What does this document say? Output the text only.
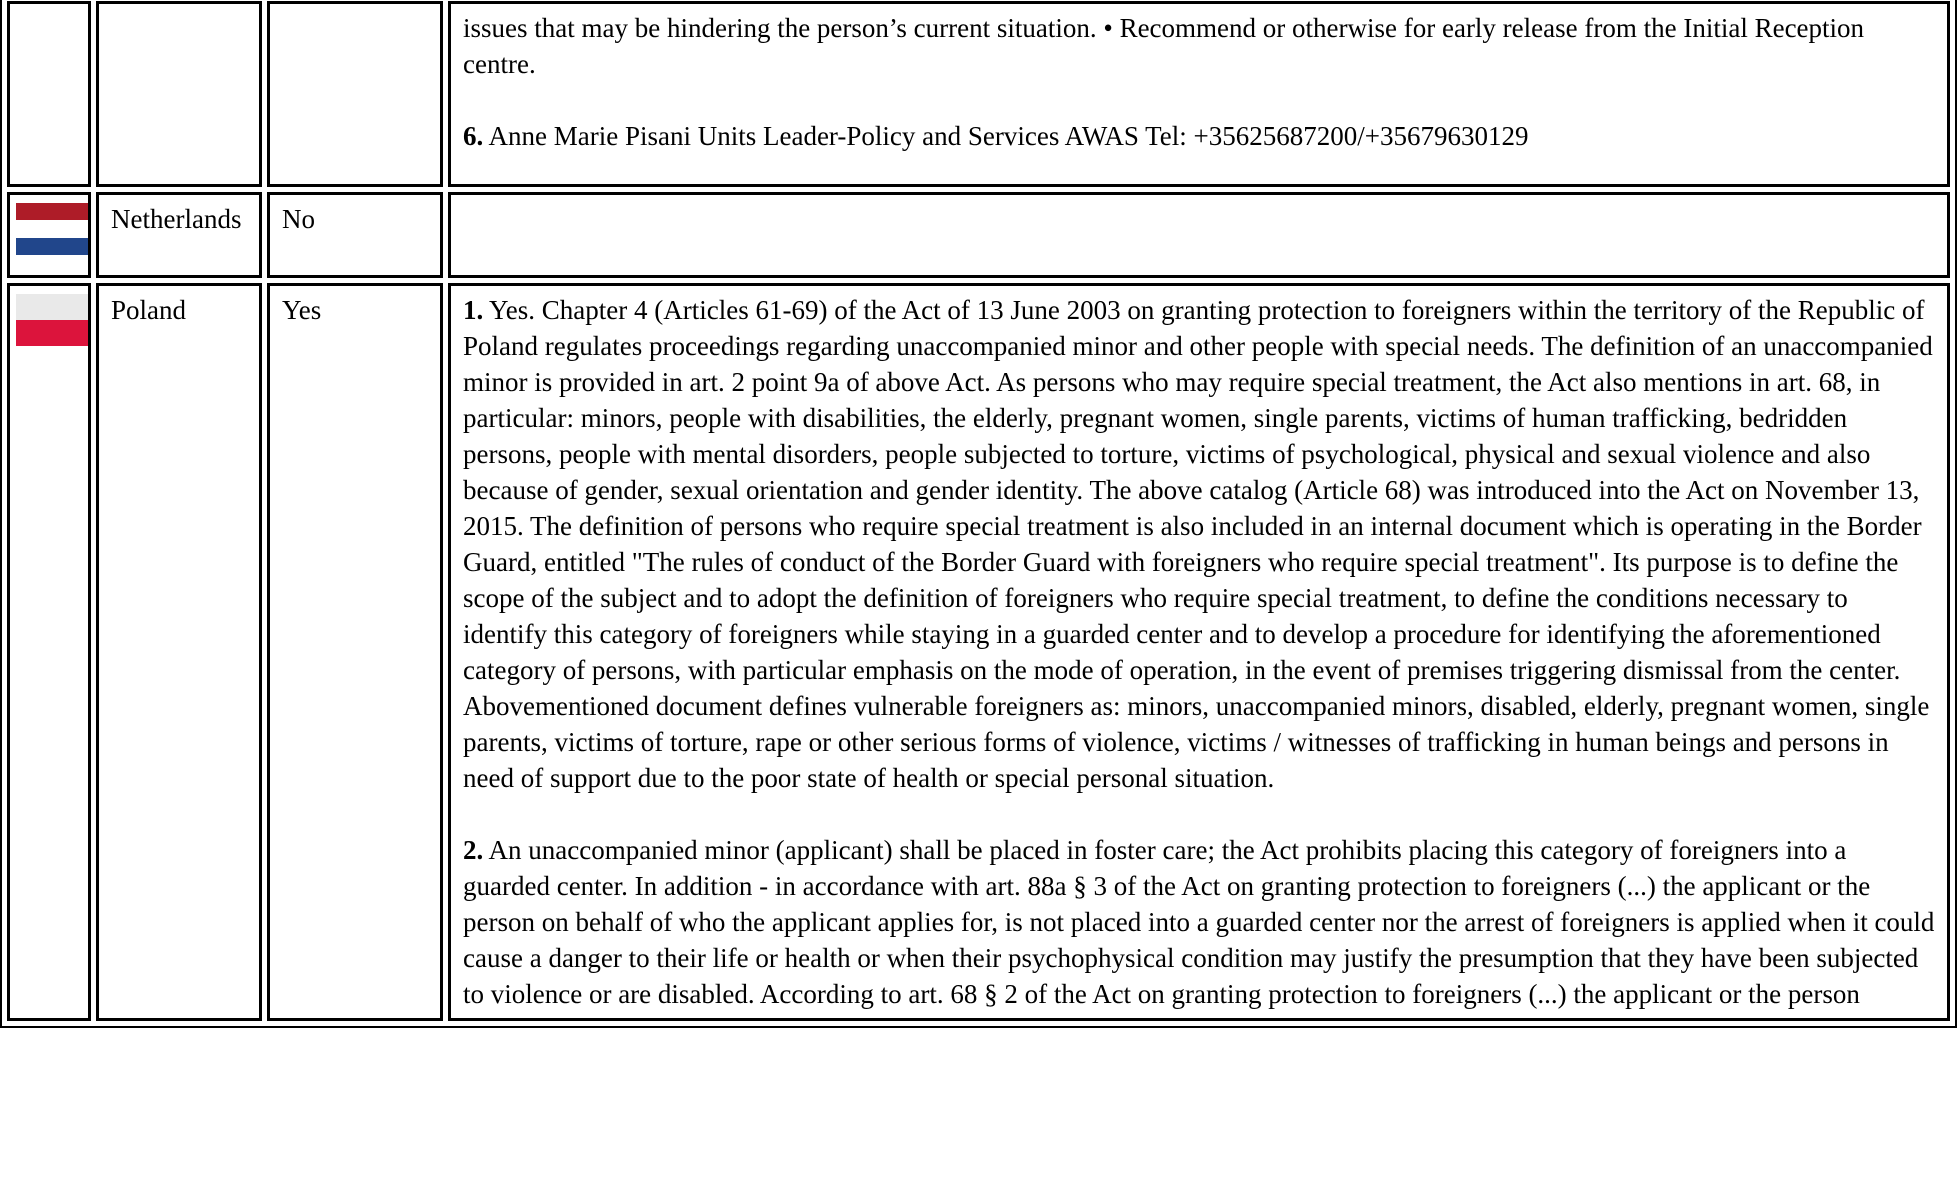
			issues that may be hindering the person’s current situation. • Recommend or otherwise for early release from the Initial Reception centre.

6. Anne Marie Pisani Units Leader-Policy and Services AWAS Tel: +35625687200/+35679630129

	Netherlands	No	

	Poland	Yes	1. Yes. Chapter 4 (Articles 61-69) of the Act of 13 June 2003 on granting protection to foreigners within the territory of the Republic of Poland regulates proceedings regarding unaccompanied minor and other people with special needs. The definition of an unaccompanied minor is provided in art. 2 point 9a of above Act. As persons who may require special treatment, the Act also mentions in art. 68, in particular: minors, people with disabilities, the elderly, pregnant women, single parents, victims of human trafficking, bedridden persons, people with mental disorders, people subjected to torture, victims of psychological, physical and sexual violence and also because of gender, sexual orientation and gender identity. The above catalog (Article 68) was introduced into the Act on November 13, 2015. The definition of persons who require special treatment is also included in an internal document which is operating in the Border Guard, entitled "The rules of conduct of the Border Guard with foreigners who require special treatment". Its purpose is to define the scope of the subject and to adopt the definition of foreigners who require special treatment, to define the conditions necessary to identify this category of foreigners while staying in a guarded center and to develop a procedure for identifying the aforementioned category of persons, with particular emphasis on the mode of operation, in the event of premises triggering dismissal from the center. Abovementioned document defines vulnerable foreigners as: minors, unaccompanied minors, disabled, elderly, pregnant women, single parents, victims of torture, rape or other serious forms of violence, victims / witnesses of trafficking in human beings and persons in need of support due to the poor state of health or special personal situation.

2. An unaccompanied minor (applicant) shall be placed in foster care; the Act prohibits placing this category of foreigners into a guarded center. In addition - in accordance with art. 88a § 3 of the Act on granting protection to foreigners (...) the applicant or the person on behalf of who the applicant applies for, is not placed into a guarded center nor the arrest of foreigners is applied when it could cause a danger to their life or health or when their psychophysical condition may justify the presumption that they have been subjected to violence or are disabled. According to art. 68 § 2 of the Act on granting protection to foreigners (...) the applicant or the person
